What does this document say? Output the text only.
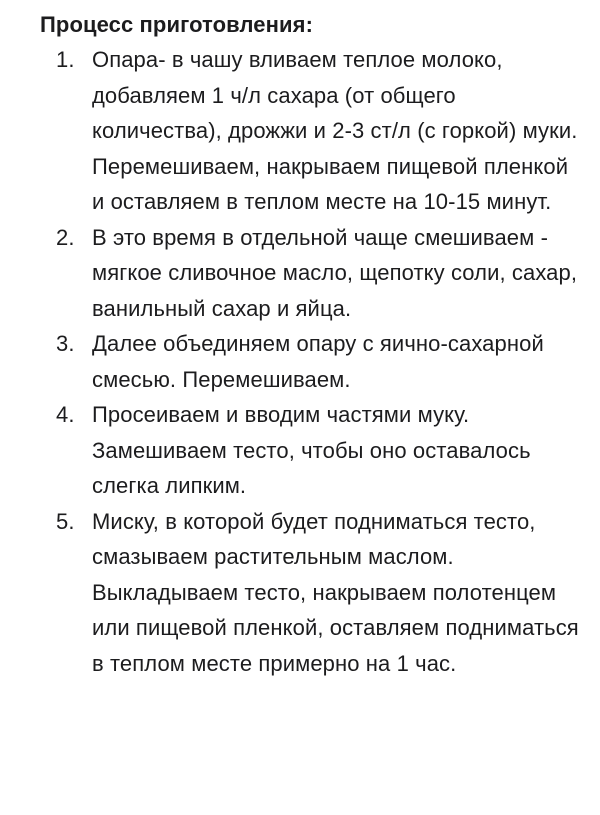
Процесс приготовления:
1. Опара- в чашу вливаем теплое молоко, добавляем 1 ч/л сахара (от общего количества), дрожжи и 2-3 ст/л (с горкой) муки. Перемешиваем, накрываем пищевой пленкой и оставляем в теплом месте на 10-15 минут.
2. В это время в отдельной чаще смешиваем - мягкое сливочное масло, щепотку соли, сахар, ванильный сахар и яйца.
3. Далее объединяем опару с яично-сахарной смесью. Перемешиваем.
4. Просеиваем и вводим частями муку. Замешиваем тесто, чтобы оно оставалось слегка липким.
5. Миску, в которой будет подниматься тесто, смазываем растительным маслом. Выкладываем тесто, накрываем полотенцем или пищевой пленкой, оставляем подниматься в теплом месте примерно на 1 час.
